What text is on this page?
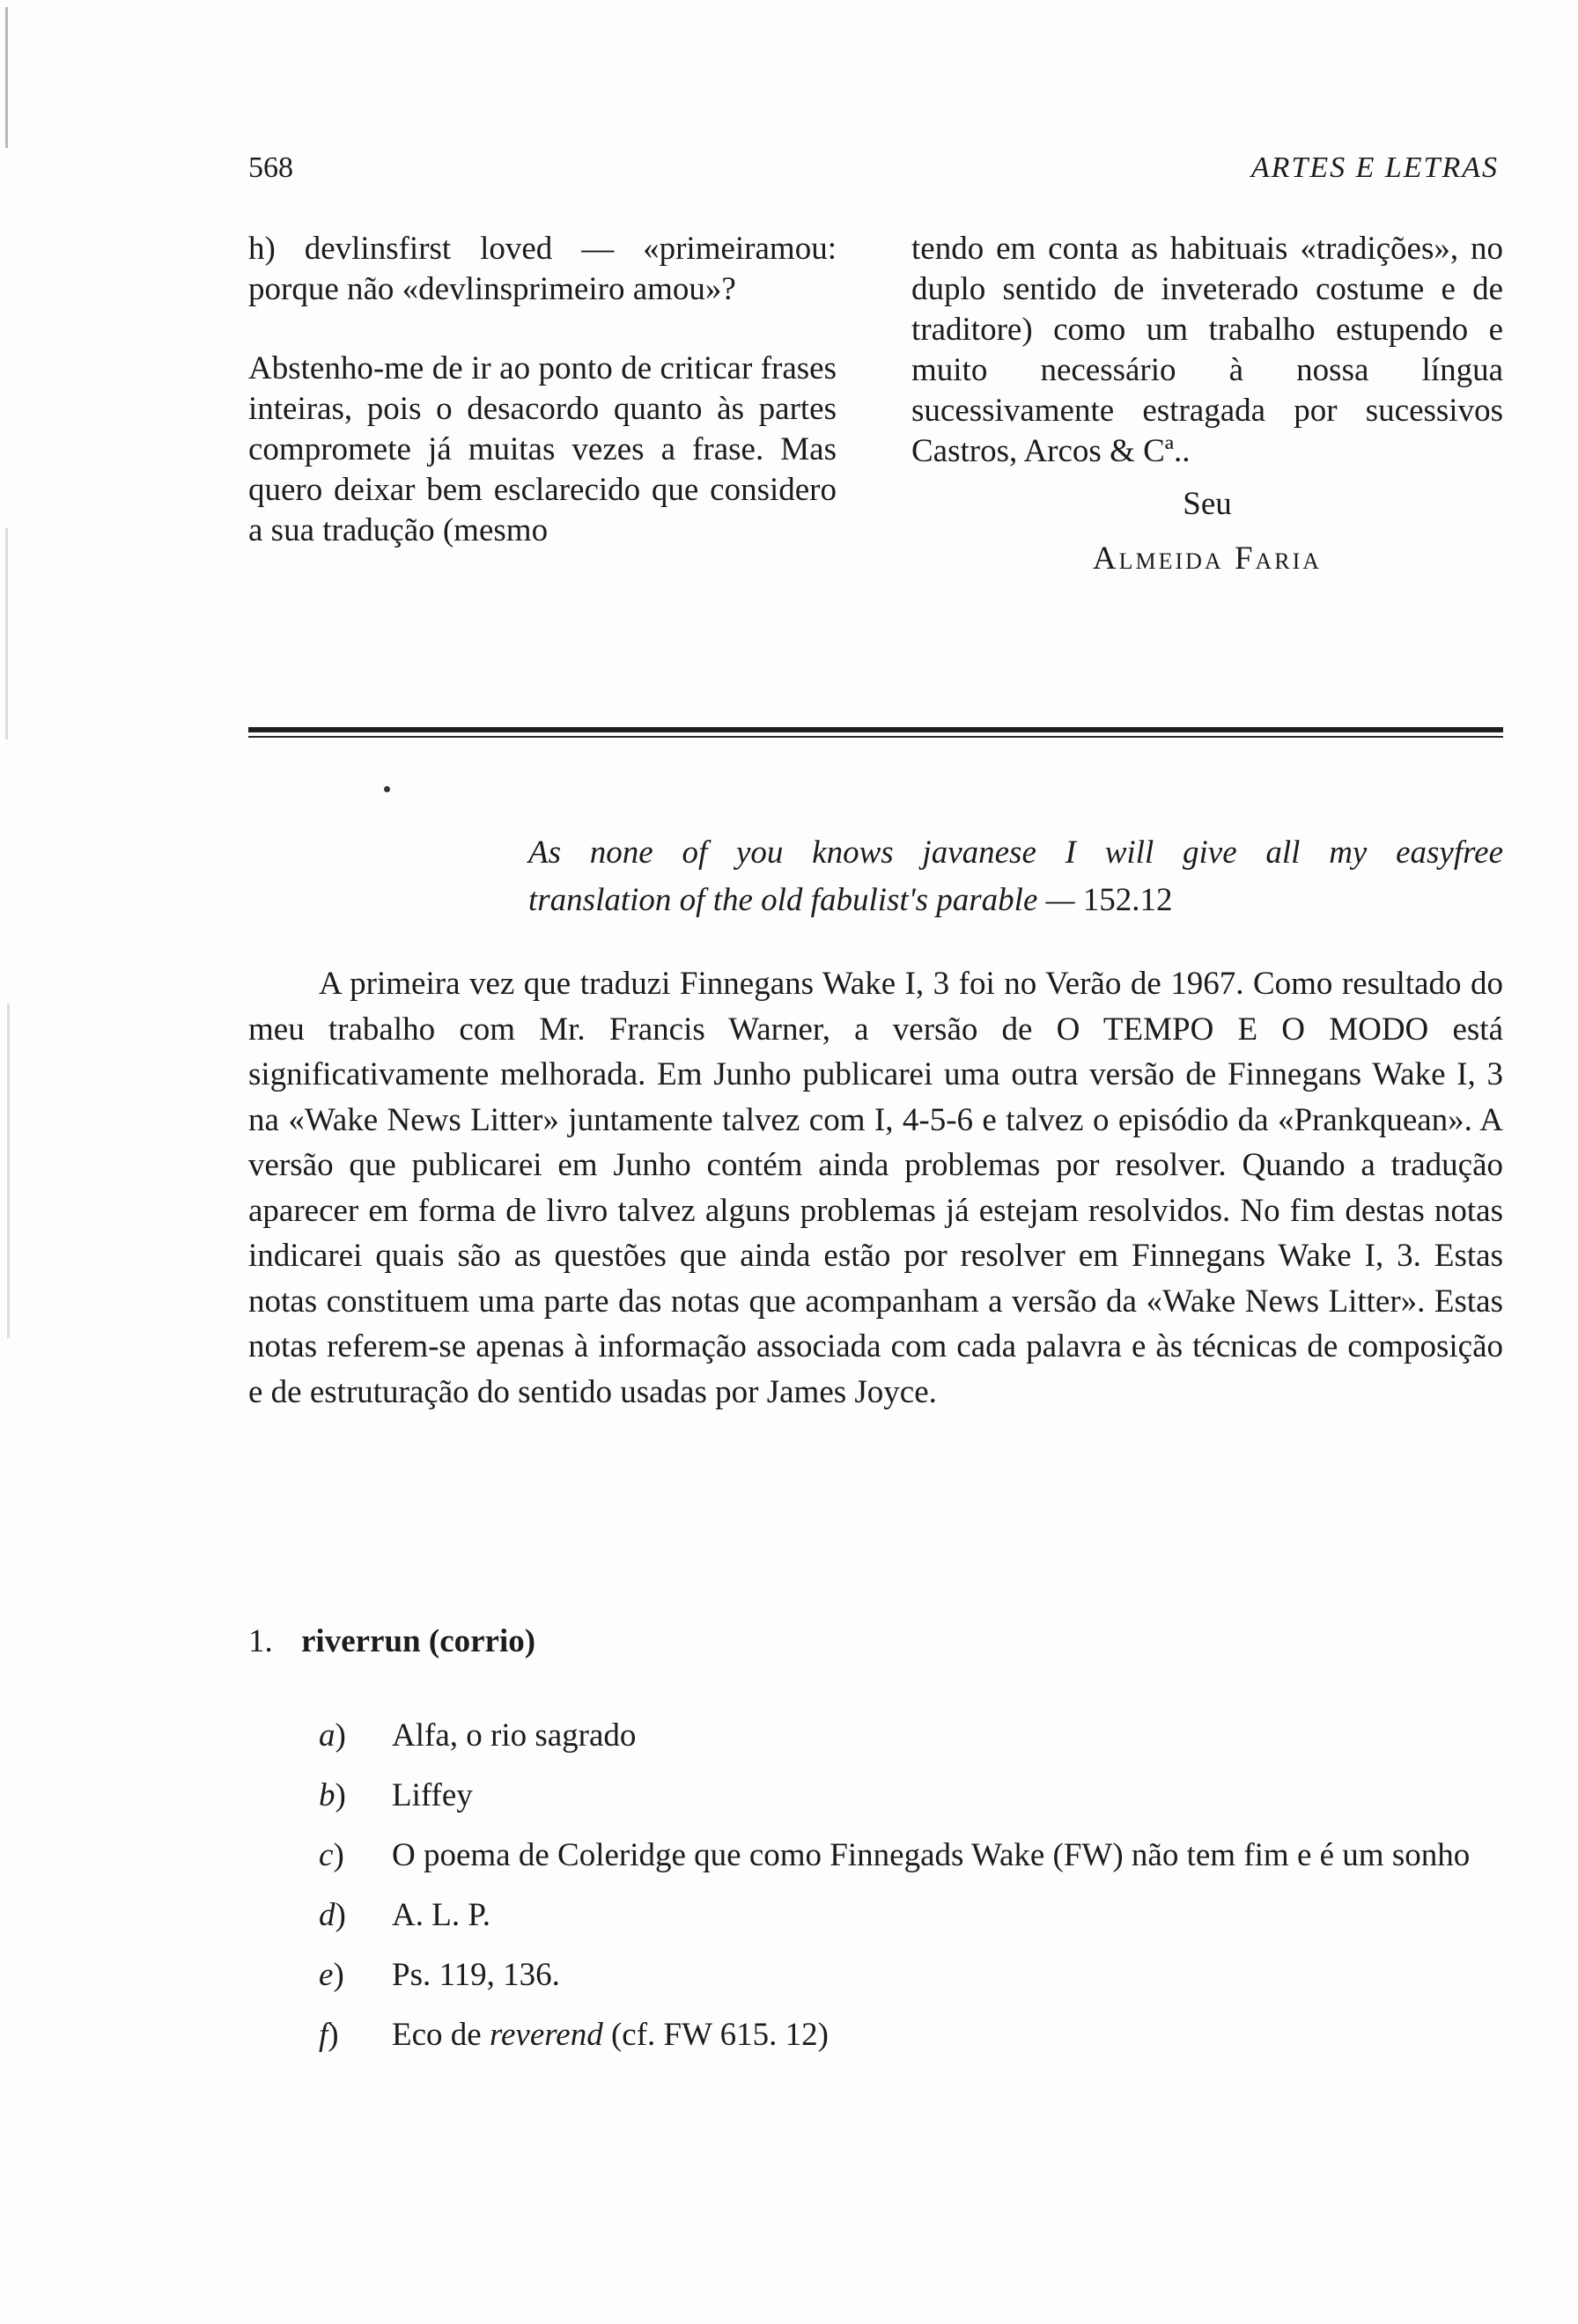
568	ARTES E LETRAS

h) devlinsfirst loved — «primeiramou: porque não «devlinsprimeiro amou»?

Abstenho-me de ir ao ponto de criticar frases inteiras, pois o desacordo quanto às partes compromete já muitas vezes a frase. Mas quero deixar bem esclarecido que considero a sua tradução (mesmo

tendo em conta as habituais «tradições», no duplo sentido de inveterado costume e de traditore) como um trabalho estupendo e muito necessário à nossa língua sucessivamente estragada por sucessivos Castros, Arcos & Cª..

Seu
Almeida Faria
As none of you knows javanese I will give all my easyfree
translation of the old fabulist's parable — 152.12

A primeira vez que traduzi Finnegans Wake I, 3 foi no Verão de 1967. Como resultado do meu trabalho com Mr. Francis Warner, a versão de O TEMPO E O MODO está significativamente melhorada. Em Junho publicarei uma outra versão de Finnegans Wake I, 3 na «Wake News Litter» juntamente talvez com I, 4-5-6 e talvez o episódio da «Prankquean». A versão que publicarei em Junho contém ainda problemas por resolver. Quando a tradução aparecer em forma de livro talvez alguns problemas já estejam resolvidos. No fim destas notas indicarei quais são as questões que ainda estão por resolver em Finnegans Wake I, 3. Estas notas constituem uma parte das notas que acompanham a versão da «Wake News Litter». Estas notas referem-se apenas à informação associada com cada palavra e às técnicas de composição e de estruturação do sentido usadas por James Joyce.

1. riverrun (corrio)
a) Alfa, o rio sagrado
b) Liffey
c) O poema de Coleridge que como Finnegads Wake (FW) não tem fim e é um sonho
d) A. L. P.
e) Ps. 119, 136.
f) Eco de reverend (cf. FW 615. 12)
